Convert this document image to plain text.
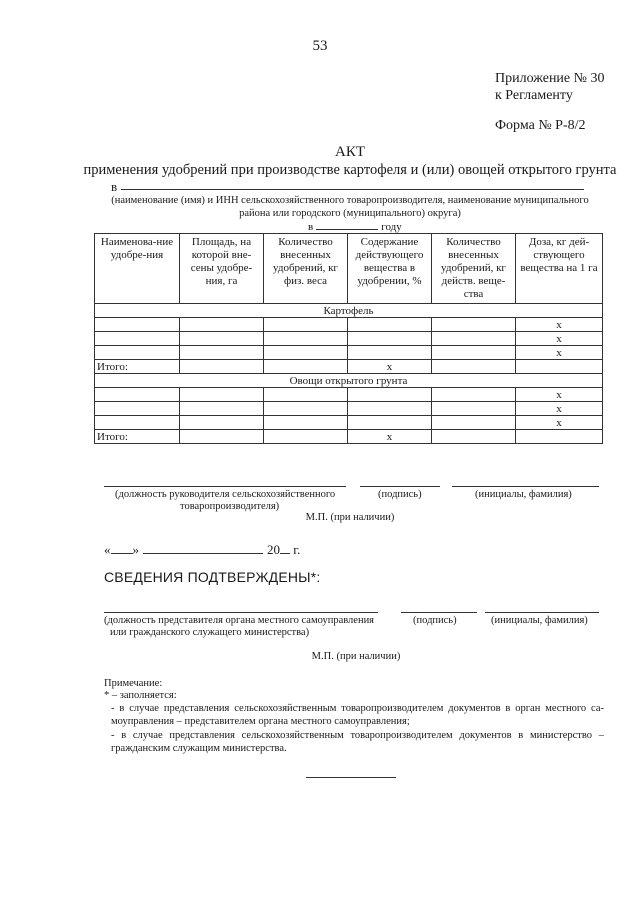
53
Приложение № 30
к Регламенту
Форма № Р-8/2
АКТ
применения удобрений при производстве картофеля и (или) овощей открытого грунта
в
(наименование (имя) и ИНН сельскохозяйственного товаропроизводителя, наименование муниципального района или городского (муниципального) округа)
в	году
Наименова-ние удобре-ния	Площадь, на которой вне-сены удобре-ния, га	Количество внесенных удобрений, кг физ. веса	Содержание действующего вещества в удобрении, %	Количество внесенных удобрений, кг действ. веще-ства	Доза, кг дей-ствующего вещества на 1 га
Картофель					
					х
					х
					х
Итого:			х		
Овощи открытого грунта					
					х
					х
					х
Итого:			х		
(должность руководителя сельскохозяйственного
товаропроизводителя)
(подпись)	(инициалы, фамилия)
М.П. (при наличии)
« »	20 г.
СВЕДЕНИЯ ПОДТВЕРЖДЕНЫ*:
(должность представителя органа местного самоуправления
или гражданского служащего министерства)
(подпись)	(инициалы, фамилия)
М.П. (при наличии)
Примечание:
* – заполняется:
- в случае представления сельскохозяйственным товаропроизводителем документов в орган местного са-моуправления – представителем органа местного самоуправления;
- в случае представления сельскохозяйственным товаропроизводителем документов в министерство – гражданским служащим министерства.
